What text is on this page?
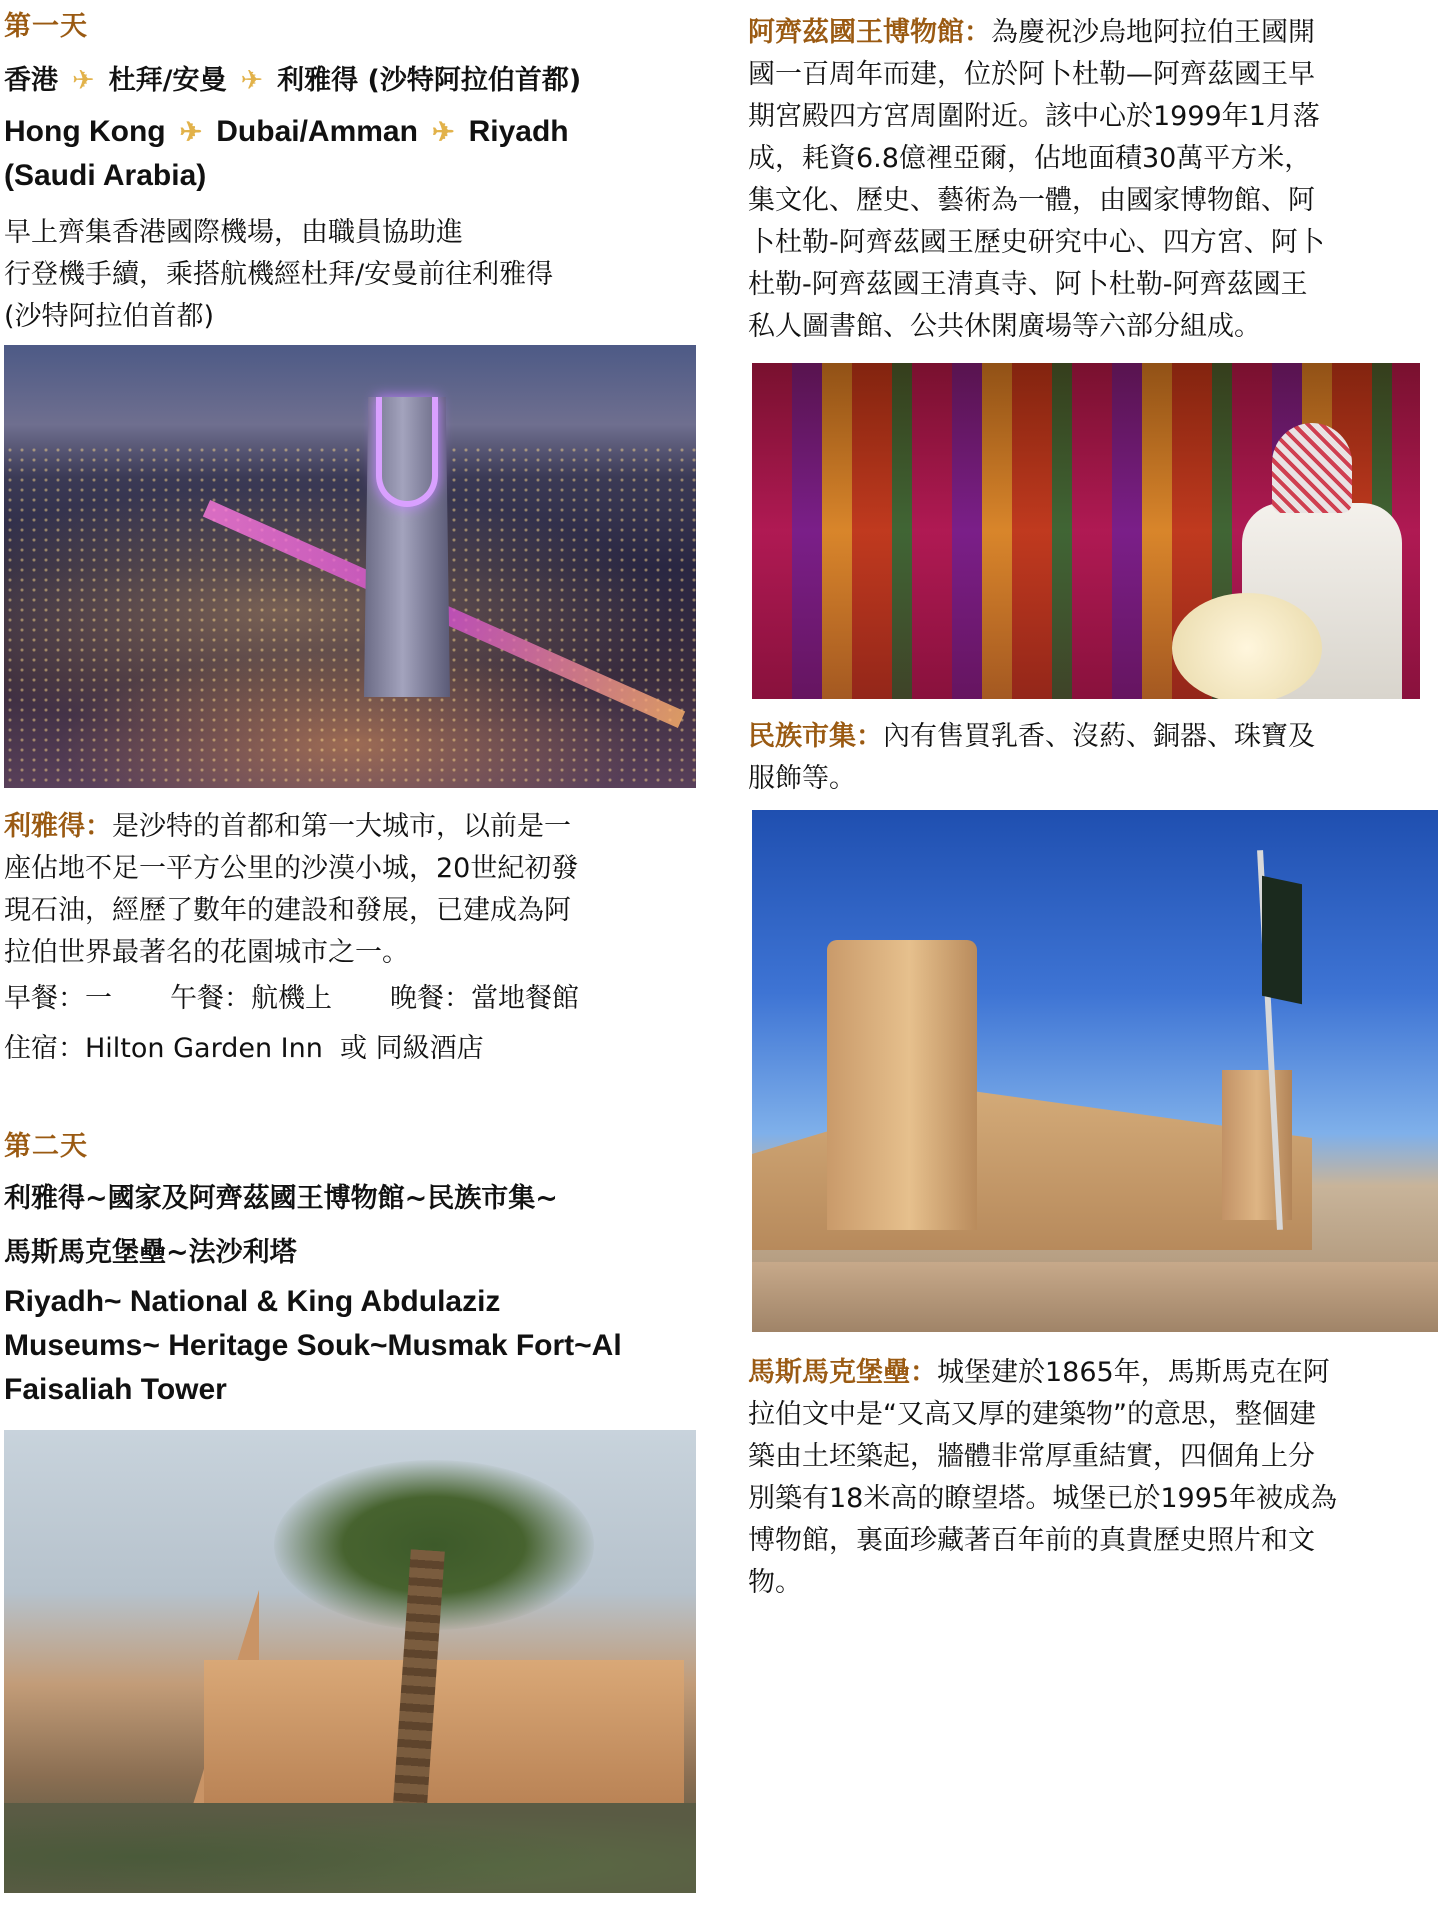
第一天
香港 ✈ 杜拜/安曼 ✈ 利雅得 (沙特阿拉伯首都)
Hong Kong ✈ Dubai/Amman ✈ Riyadh
(Saudi Arabia)
早上齊集香港國際機場，由職員協助進
行登機手續，乘搭航機經杜拜/安曼前往利雅得
(沙特阿拉伯首都)
利雅得：是沙特的首都和第一大城市，以前是一
座佔地不足一平方公里的沙漠小城，20世紀初發
現石油，經歷了數年的建設和發展，已建成為阿
拉伯世界最著名的花園城市之一。
早餐：一 午餐：航機上 晚餐：當地餐館
住宿：Hilton Garden Inn  或 同級酒店
第二天
利雅得~國家及阿齊茲國王博物館~民族市集~
馬斯馬克堡壘~法沙利塔
Riyadh~ National & King Abdulaziz
Museums~ Heritage Souk~Musmak Fort~Al
Faisaliah Tower
阿齊茲國王博物館：為慶祝沙烏地阿拉伯王國開
國一百周年而建，位於阿卜杜勒—阿齊茲國王早
期宮殿四方宮周圍附近。該中心於1999年1月落
成，耗資6.8億裡亞爾，佔地面積30萬平方米，
集文化、歷史、藝術為一體，由國家博物館、阿
卜杜勒-阿齊茲國王歷史研究中心、四方宮、阿卜
杜勒-阿齊茲國王清真寺、阿卜杜勒-阿齊茲國王
私人圖書館、公共休閑廣場等六部分組成。
民族市集：內有售買乳香、沒葯、銅器、珠寶及
服飾等。
馬斯馬克堡壘：城堡建於1865年，馬斯馬克在阿
拉伯文中是“又高又厚的建築物”的意思，整個建
築由土坯築起，牆體非常厚重結實，四個角上分
別築有18米高的瞭望塔。城堡已於1995年被成為
博物館，裏面珍藏著百年前的真貴歷史照片和文
物。
